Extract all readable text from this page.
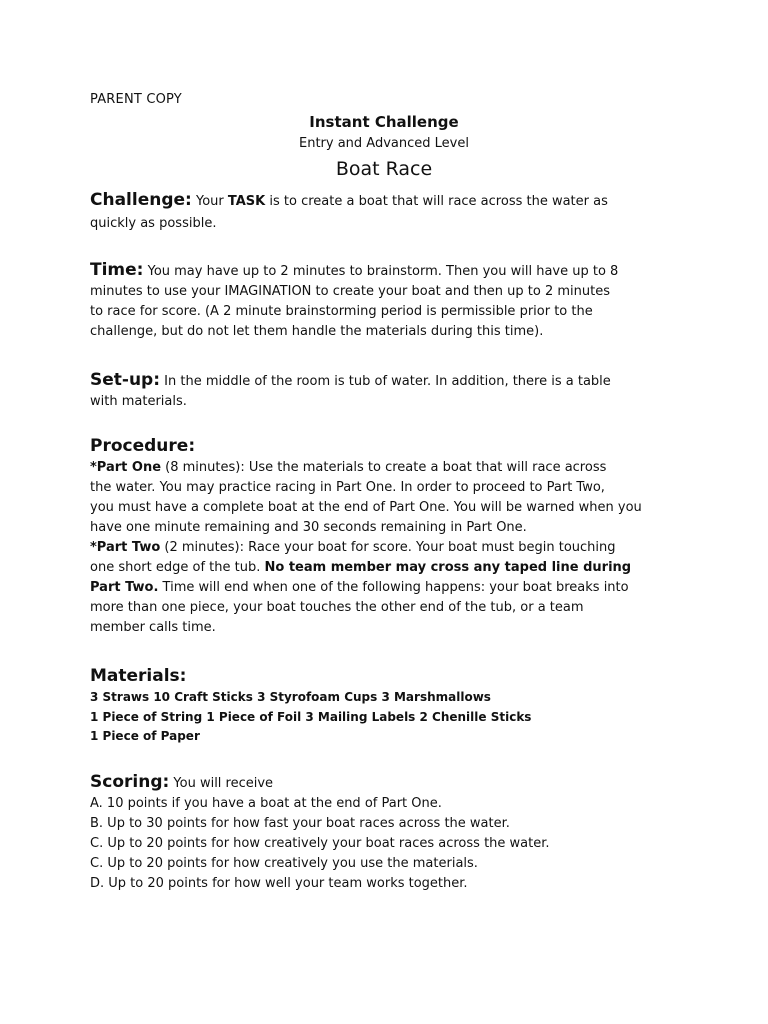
PARENT COPY
Instant Challenge
Entry and Advanced Level
Boat Race
Challenge: Your TASK is to create a boat that will race across the water as
quickly as possible.
Time: You may have up to 2 minutes to brainstorm. Then you will have up to 8
minutes to use your IMAGINATION to create your boat and then up to 2 minutes
to race for score. (A 2 minute brainstorming period is permissible prior to the
challenge, but do not let them handle the materials during this time).
Set-up: In the middle of the room is tub of water. In addition, there is a table
with materials.
Procedure:
*Part One (8 minutes): Use the materials to create a boat that will race across
the water. You may practice racing in Part One. In order to proceed to Part Two,
you must have a complete boat at the end of Part One. You will be warned when you
have one minute remaining and 30 seconds remaining in Part One.
*Part Two (2 minutes): Race your boat for score. Your boat must begin touching
one short edge of the tub. No team member may cross any taped line during
Part Two. Time will end when one of the following happens: your boat breaks into
more than one piece, your boat touches the other end of the tub, or a team
member calls time.
Materials:
3 Straws 10 Craft Sticks 3 Styrofoam Cups 3 Marshmallows
1 Piece of String 1 Piece of Foil 3 Mailing Labels 2 Chenille Sticks
1 Piece of Paper
Scoring: You will receive
A. 10 points if you have a boat at the end of Part One.
B. Up to 30 points for how fast your boat races across the water.
C. Up to 20 points for how creatively your boat races across the water.
C. Up to 20 points for how creatively you use the materials.
D. Up to 20 points for how well your team works together.
